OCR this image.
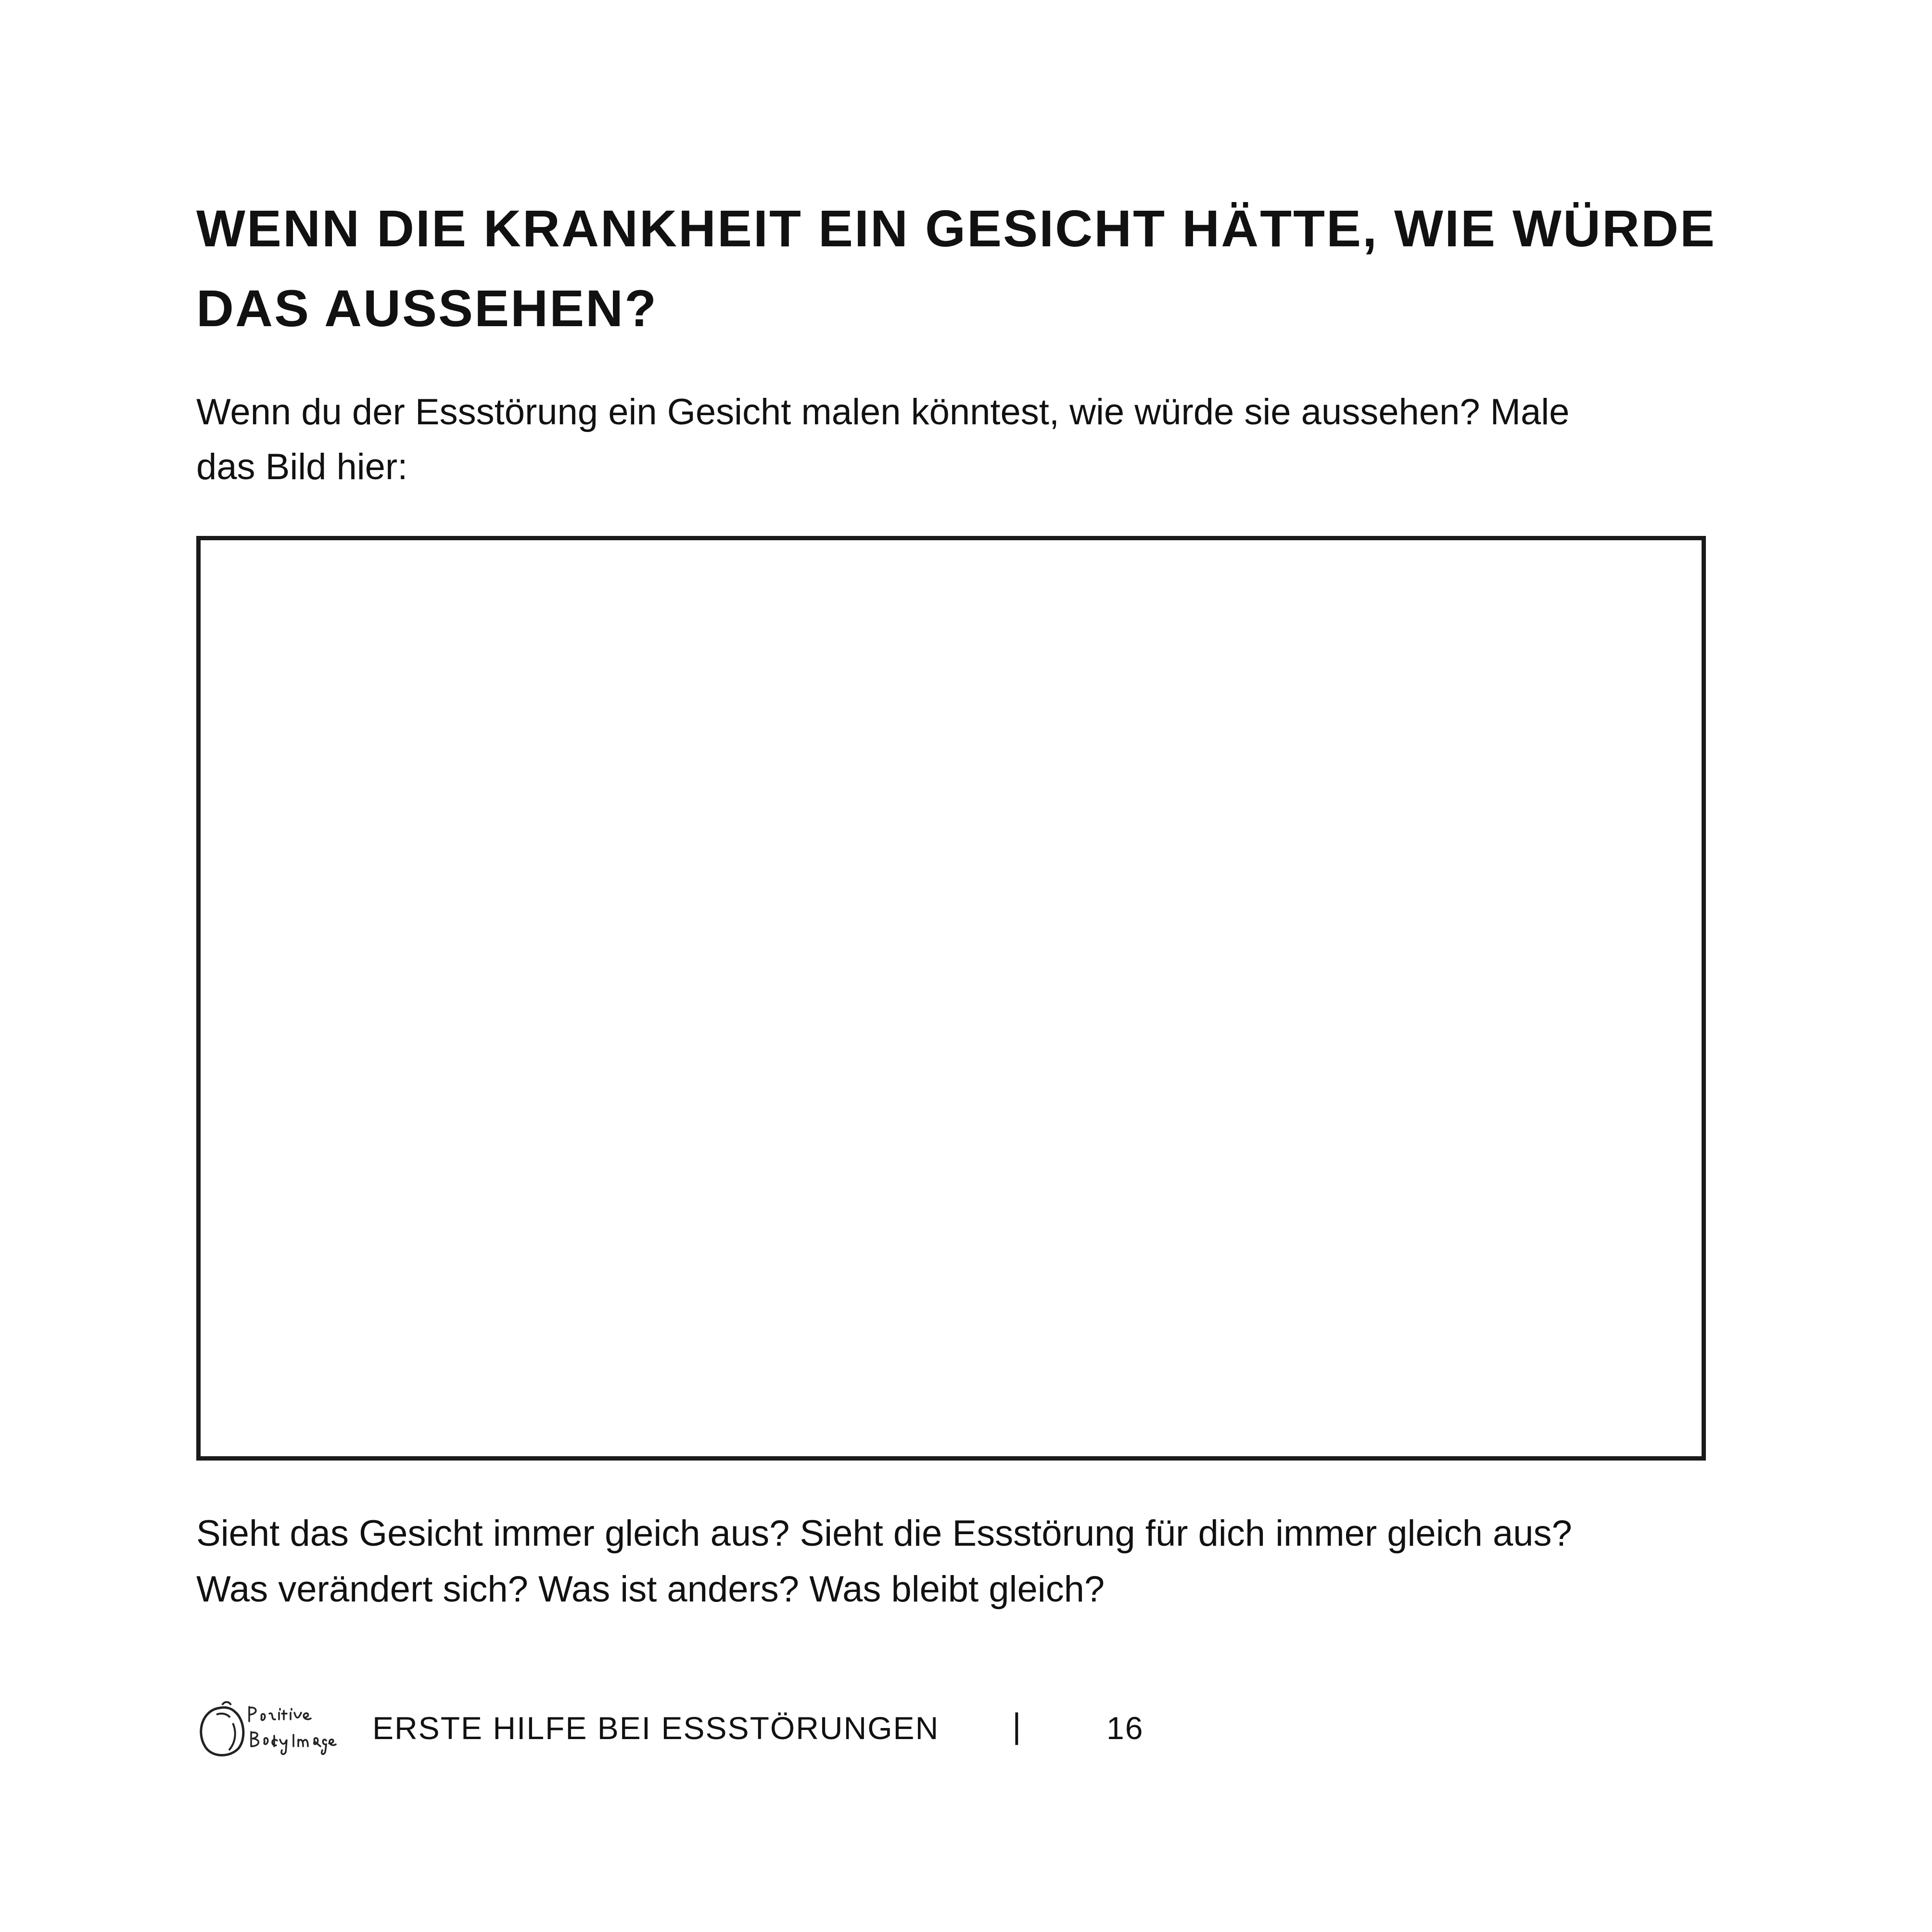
WENN DIE KRANKHEIT EIN GESICHT HÄTTE, WIE WÜRDE
DAS AUSSEHEN?

Wenn du der Essstörung ein Gesicht malen könntest, wie würde sie aussehen? Male
das Bild hier:

Sieht das Gesicht immer gleich aus? Sieht die Essstörung für dich immer gleich aus?
Was verändert sich? Was ist anders? Was bleibt gleich?

ERSTE HILFE BEI ESSSTÖRUNGEN |	16
